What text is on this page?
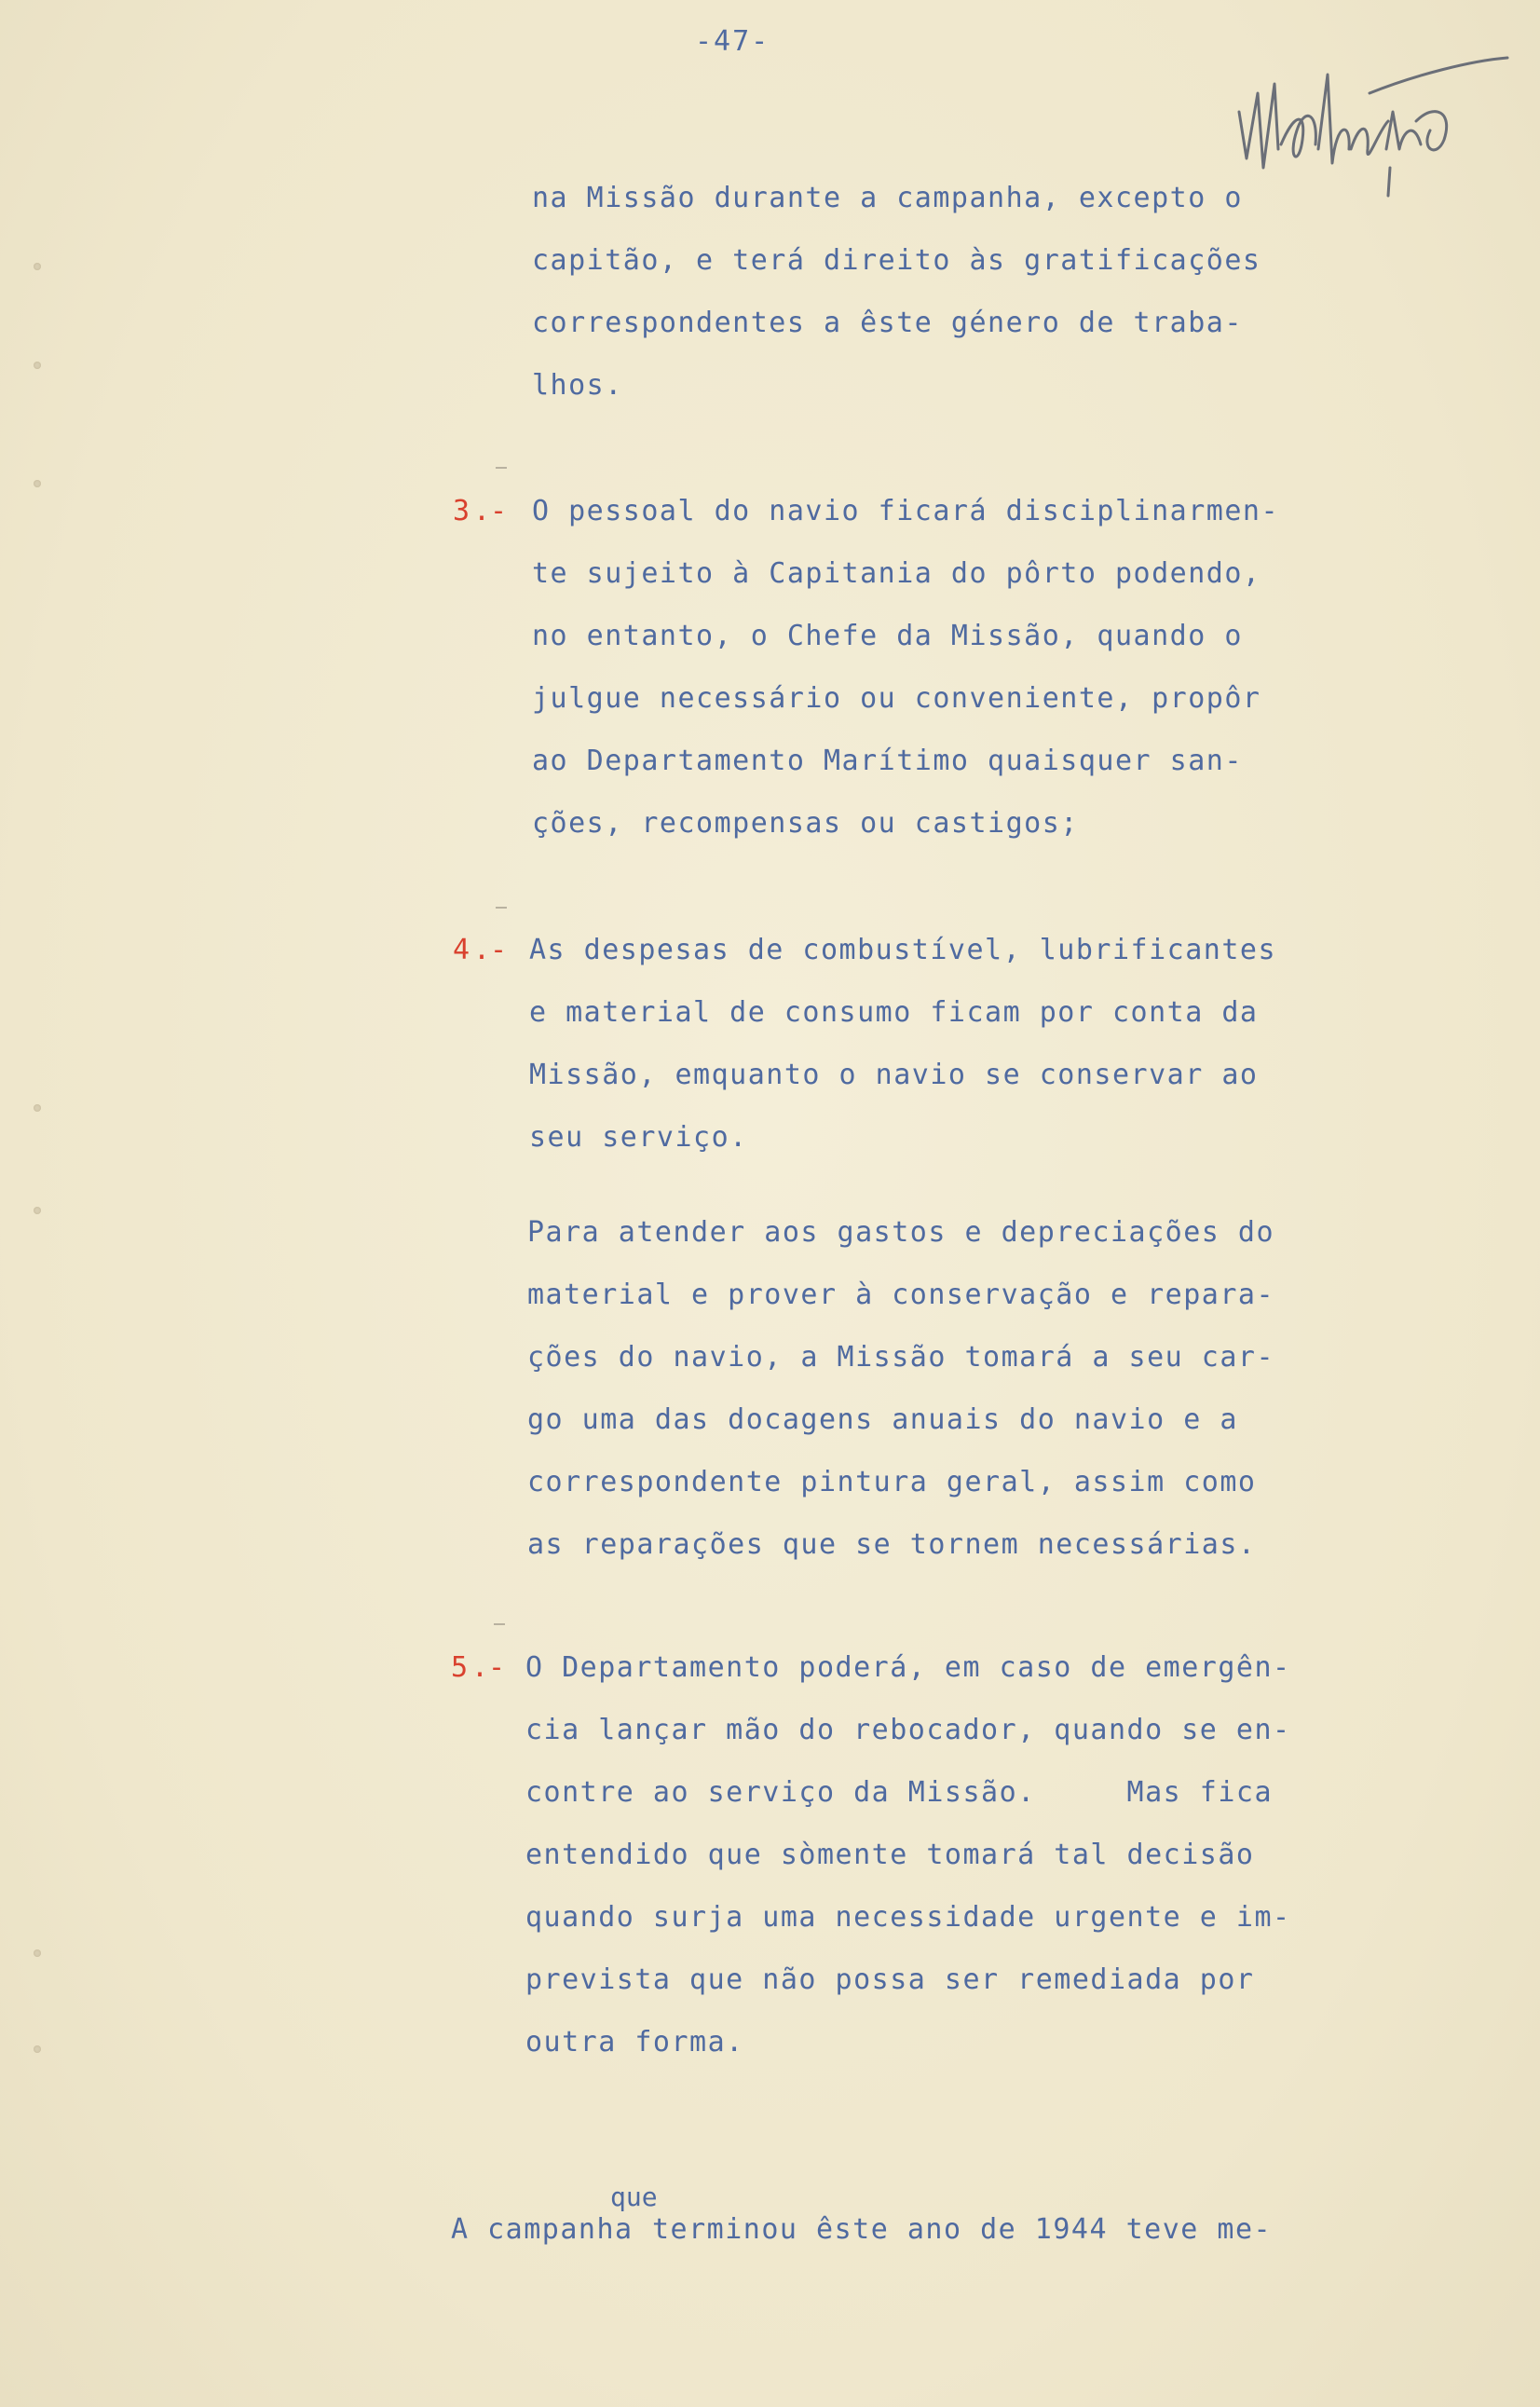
-47-
na Missão durante a campanha, excepto o
capitão, e terá direito às gratificações
correspondentes a êste género de traba-
lhos.
3 .- O pessoal do navio ficará disciplinarmen-
te sujeito à Capitania do pôrto podendo,
no entanto, o Chefe da Missão, quando o
julgue necessário ou conveniente, propôr
ao Departamento Marítimo quaisquer san-
ções, recompensas ou castigos;
4 .- As despesas de combustível, lubrificantes
e material de consumo ficam por conta da
Missão, emquanto o navio se conservar ao
seu serviço.
Para atender aos gastos e depreciações do
material e prover à conservação e repara-
ções do navio, a Missão tomará a seu car-
go uma das docagens anuais do navio e a
correspondente pintura geral, assim como
as reparações que se tornem necessárias.
5 .- O Departamento poderá, em caso de emergên-
cia lançar mão do rebocador, quando se en-
contre ao serviço da Missão.     Mas fica
entendido que sòmente tomará tal decisão
quando surja uma necessidade urgente e im-
prevista que não possa ser remediada por
outra forma.
que
A campanha terminou êste ano de 1944 teve me-
